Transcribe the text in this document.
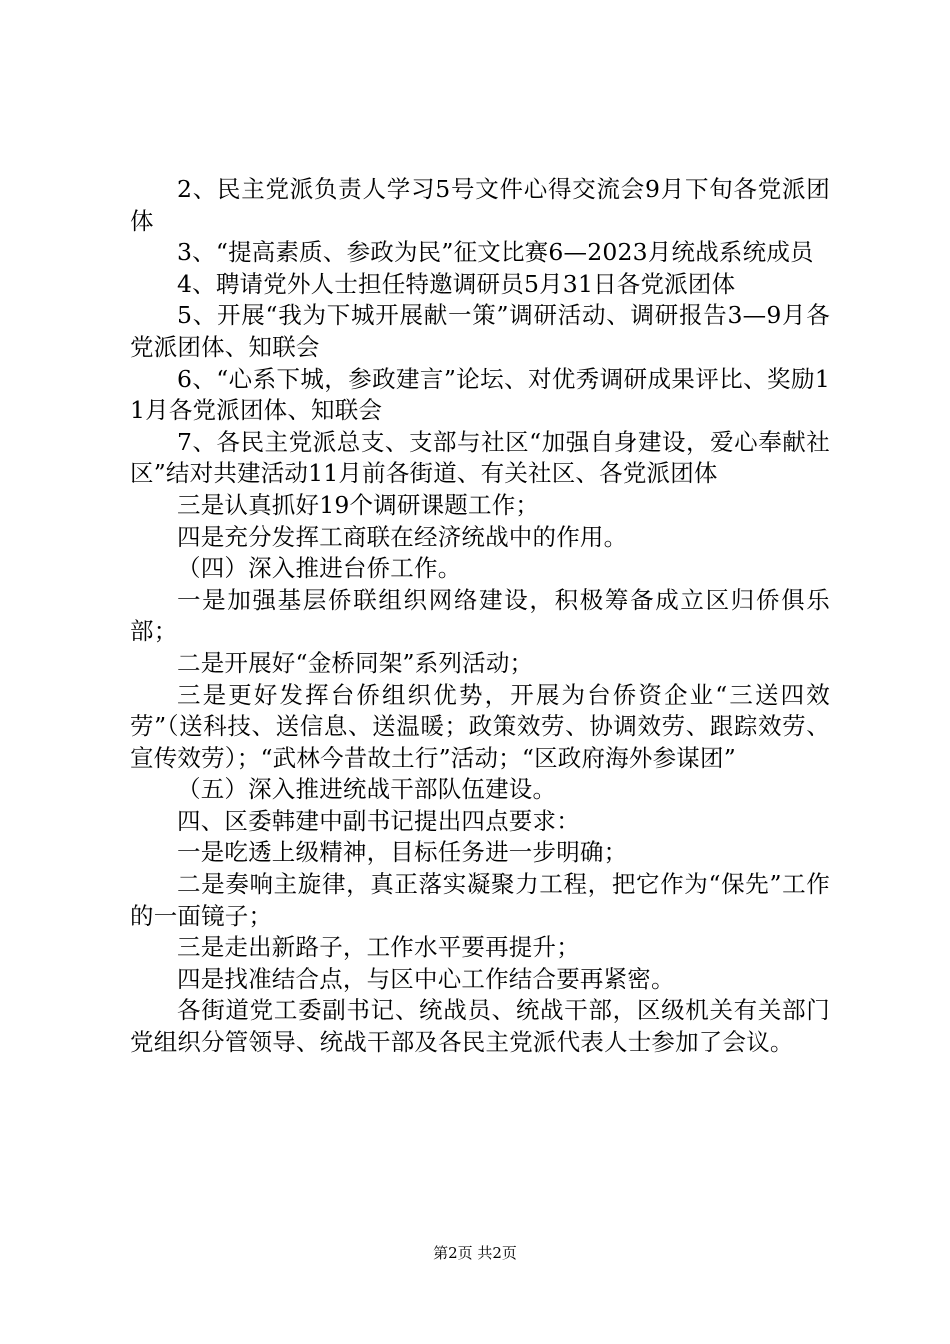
2、民主党派负责人学习5号文件心得交流会9月下旬各党派团体

3、“提高素质、参政为民”征文比赛6—2023月统战系统成员

4、聘请党外人士担任特邀调研员5月31日各党派团体

5、开展“我为下城开展献一策”调研活动、调研报告3—9月各党派团体、知联会

6、“心系下城，参政建言”论坛、对优秀调研成果评比、奖励11月各党派团体、知联会

7、各民主党派总支、支部与社区“加强自身建设，爱心奉献社区”结对共建活动11月前各街道、有关社区、各党派团体

三是认真抓好19个调研课题工作；

四是充分发挥工商联在经济统战中的作用。

（四）深入推进台侨工作。

一是加强基层侨联组织网络建设，积极筹备成立区归侨俱乐部；

二是开展好“金桥同架”系列活动；

三是更好发挥台侨组织优势，开展为台侨资企业“三送四效劳”（送科技、送信息、送温暖；政策效劳、协调效劳、跟踪效劳、宣传效劳）；“武林今昔故土行”活动；“区政府海外参谋团”

（五）深入推进统战干部队伍建设。

四、区委韩建中副书记提出四点要求：

一是吃透上级精神，目标任务进一步明确；

二是奏响主旋律，真正落实凝聚力工程，把它作为“保先”工作的一面镜子；

三是走出新路子，工作水平要再提升；

四是找准结合点，与区中心工作结合要再紧密。

各街道党工委副书记、统战员、统战干部，区级机关有关部门党组织分管领导、统战干部及各民主党派代表人士参加了会议。

第2页 共2页
